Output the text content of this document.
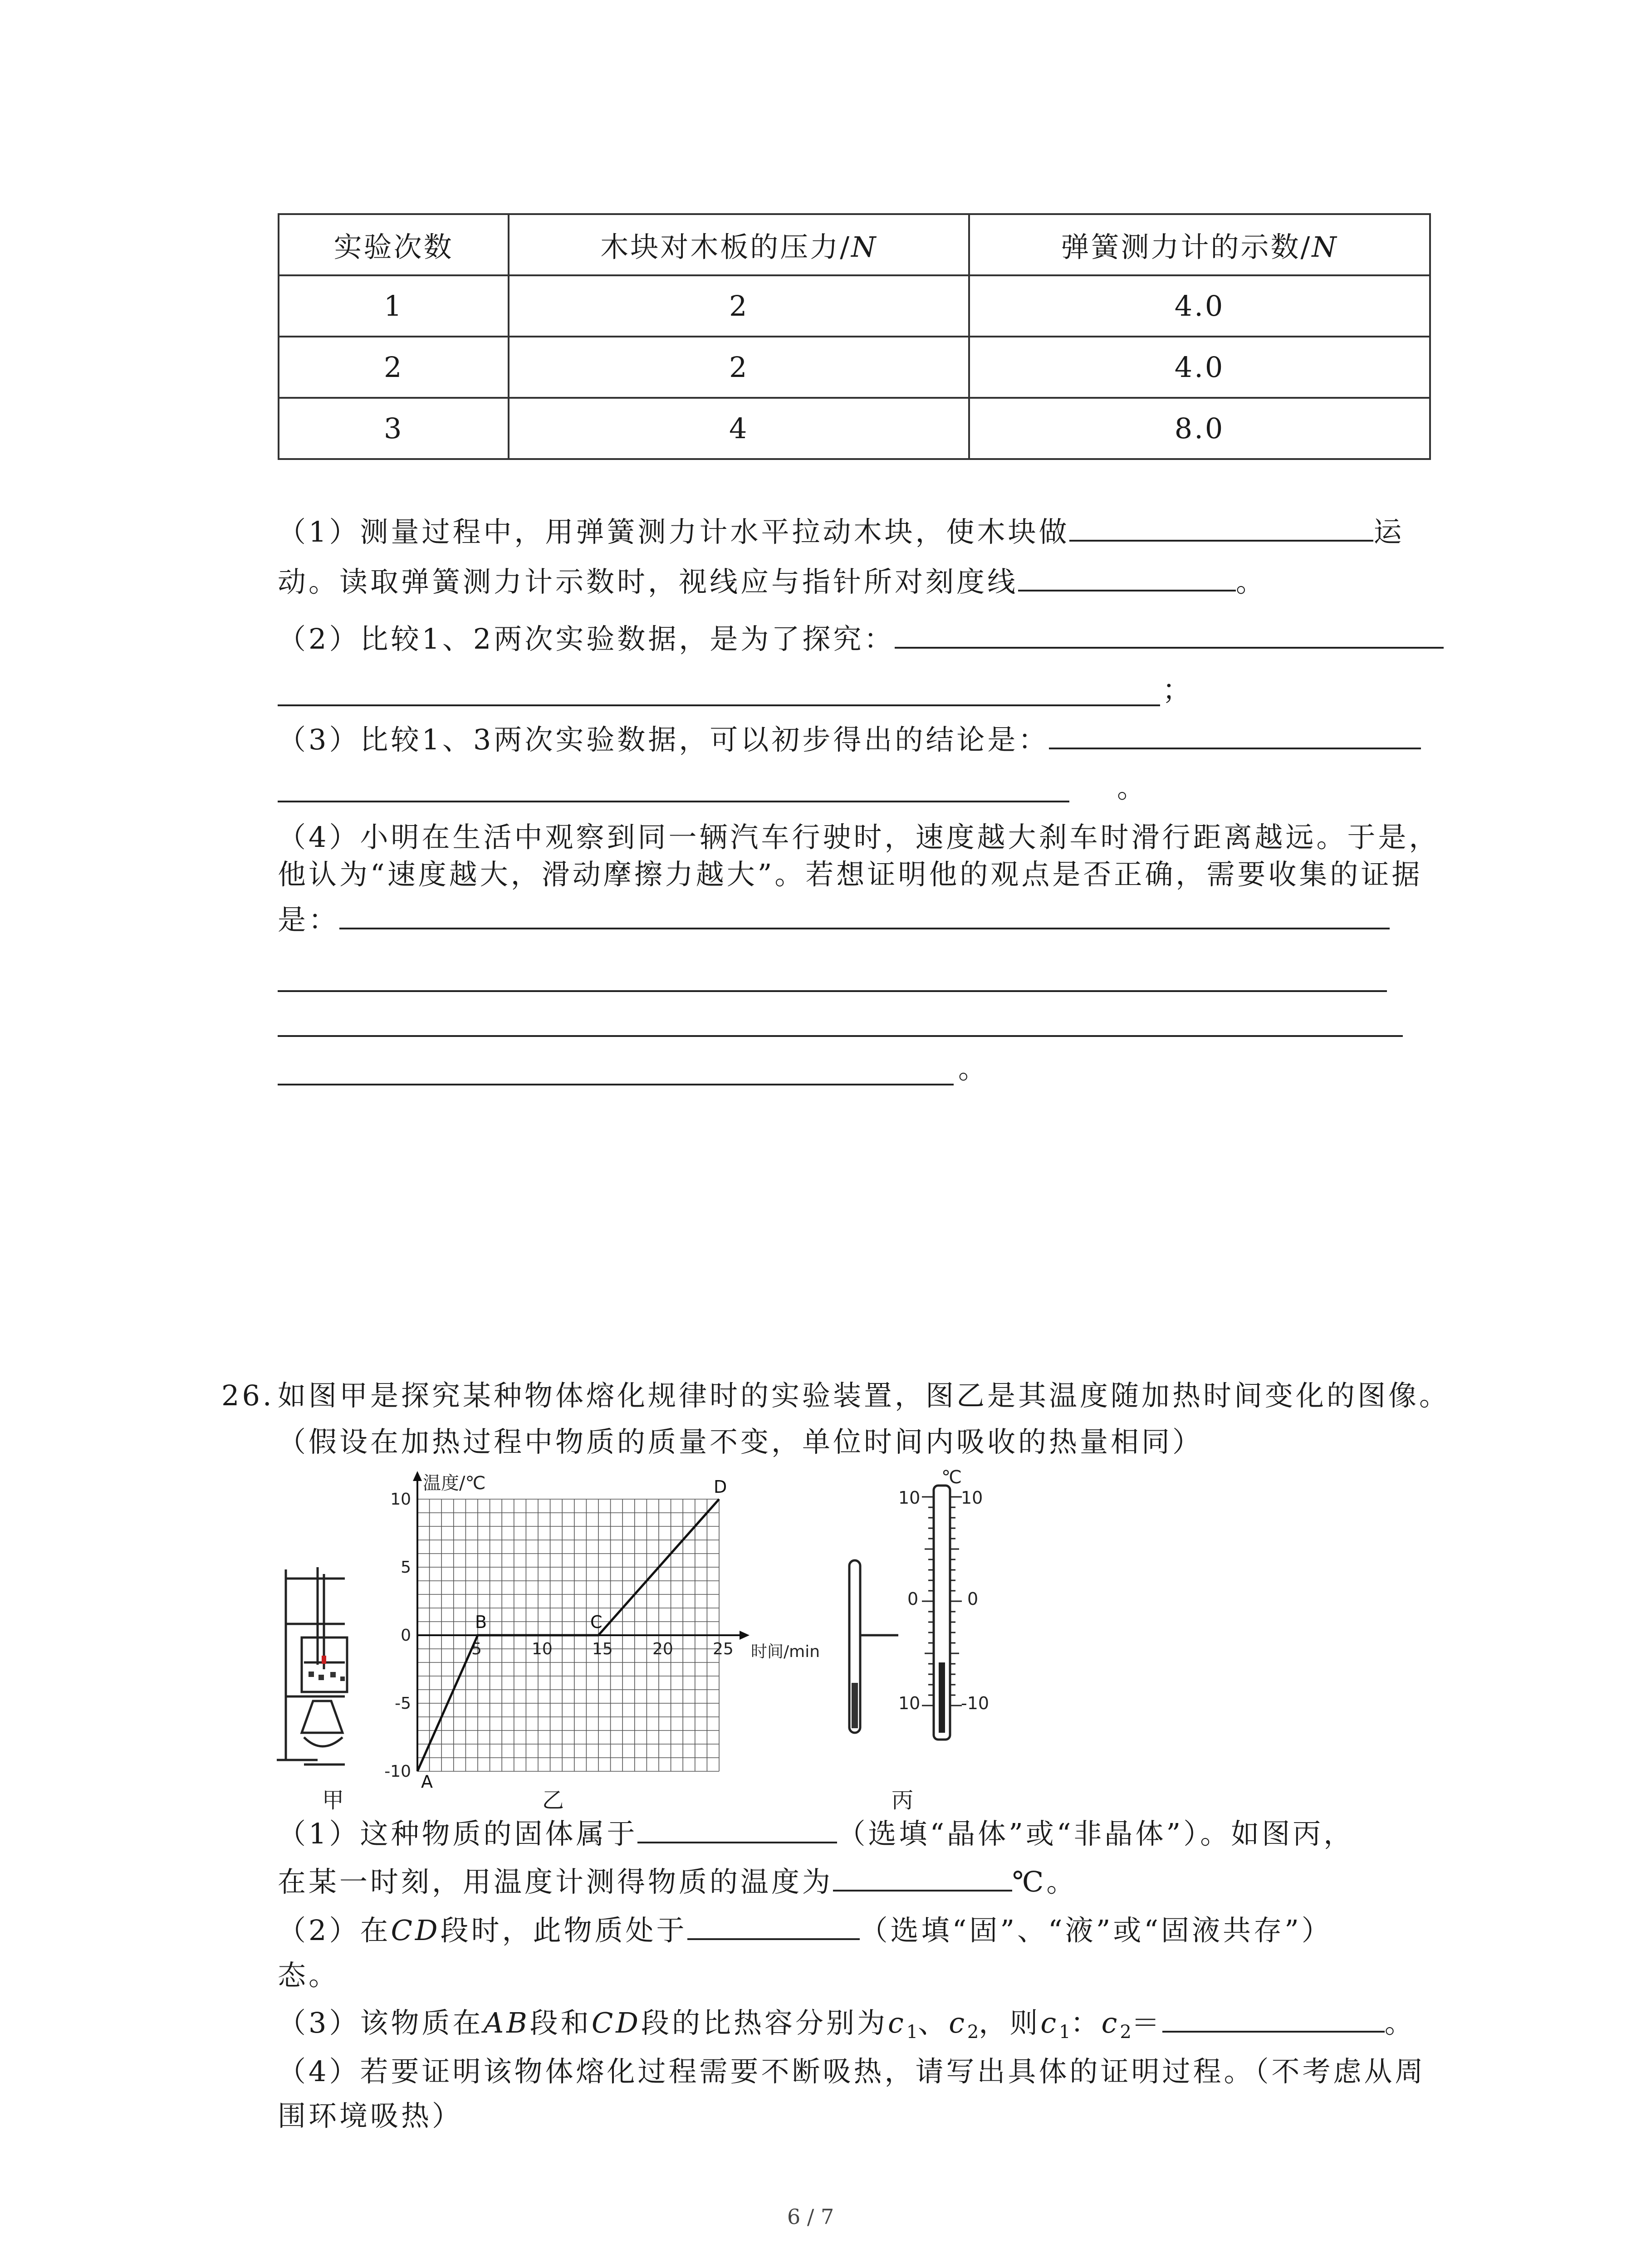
实验次数	木块对木板的压力/N	弹簧测力计的示数/N
1	2	4.0
2	2	4.0
3	4	8.0
（1）测量过程中，用弹簧测力计水平拉动木块，使木块做	运
动。读取弹簧测力计示数时，视线应与指针所对刻度线	。
（2）比较1、2两次实验数据，是为了探究：
；
（3）比较1、3两次实验数据，可以初步得出的结论是：
。
（4）小明在生活中观察到同一辆汽车行驶时，速度越大刹车时滑行距离越远。于是，
他认为“速度越大，滑动摩擦力越大”。若想证明他的观点是否正确，需要收集的证据
是：
。
26. 如图甲是探究某种物体熔化规律时的实验装置，图乙是其温度随加热时间变化的图像。
（假设在加热过程中物质的质量不变，单位时间内吸收的热量相同）
5	10 15 20 25
10
5
0
-5
-10
A
B	C
D
温度/℃
时间/min
℃
10
0
10
10
0
-10
甲	乙	丙
（1）这种物质的固体属于	（选填“晶体”或“非晶体”）。如图丙，
在某一时刻，用温度计测得物质的温度为	℃。
（2）在CD段时，此物质处于	（选填“固”、“液”或“固液共存”）
态。
（3）该物质在AB段和CD段的比热容分别为$c_1$、$c_2$，则$c_1$：$c_2=$	。
（4）若要证明该物体熔化过程需要不断吸热，请写出具体的证明过程。（不考虑从周
围环境吸热）
6 / 7
